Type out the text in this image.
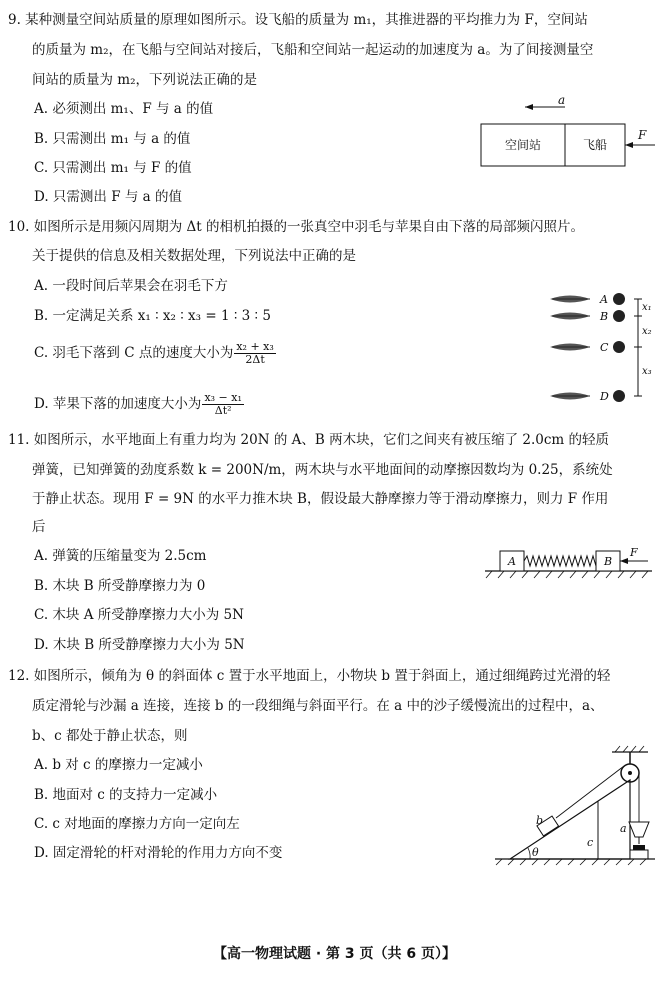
9. 某种测量空间站质量的原理如图所示。设飞船的质量为 m₁，其推进器的平均推力为 F，空间站
的质量为 m₂，在飞船与空间站对接后，飞船和空间站一起运动的加速度为 a。为了间接测量空
间站的质量为 m₂，下列说法正确的是
A. 必须测出 m₁、F 与 a 的值
B. 只需测出 m₁ 与 a 的值
C. 只需测出 m₁ 与 F 的值
D. 只需测出 F 与 a 的值
a
空间站	飞船
F
10. 如图所示是用频闪周期为 Δt 的相机拍摄的一张真空中羽毛与苹果自由下落的局部频闪照片。
关于提供的信息及相关数据处理，下列说法中正确的是
A. 一段时间后苹果会在羽毛下方
B. 一定满足关系 x₁ ∶ x₂ ∶ x₃ = 1 ∶ 3 ∶ 5
C. 羽毛下落到 C 点的速度大小为 $\frac{\text{x₂ + x₃}}{2\Delta t}$
D. 苹果下落的加速度大小为 $\frac{\text{x₃ − x₁}}{\text{Δt²}}$
A
B
C
D
x₁
x₂
x₃
11. 如图所示，水平地面上有重力均为 20N 的 A、B 两木块，它们之间夹有被压缩了 2.0cm 的轻质
弹簧，已知弹簧的劲度系数 k = 200N/m，两木块与水平地面间的动摩擦因数均为 0.25，系统处
于静止状态。现用 F = 9N 的水平力推木块 B，假设最大静摩擦力等于滑动摩擦力，则力 F 作用
后
A. 弹簧的压缩量变为 2.5cm
B. 木块 B 所受静摩擦力为 0
C. 木块 A 所受静摩擦力大小为 5N
D. 木块 B 所受静摩擦力大小为 5N
A	B
F
12. 如图所示，倾角为 θ 的斜面体 c 置于水平地面上，小物块 b 置于斜面上，通过细绳跨过光滑的轻
质定滑轮与沙漏 a 连接，连接 b 的一段细绳与斜面平行。在 a 中的沙子缓慢流出的过程中，a、
b、c 都处于静止状态，则
A. b 对 c 的摩擦力一定减小
B. 地面对 c 的支持力一定减小
C. c 对地面的摩擦力方向一定向左
D. 固定滑轮的杆对滑轮的作用力方向不变	θ
c
b
a
【高一物理试题 · 第 3 页（共 6 页）】
